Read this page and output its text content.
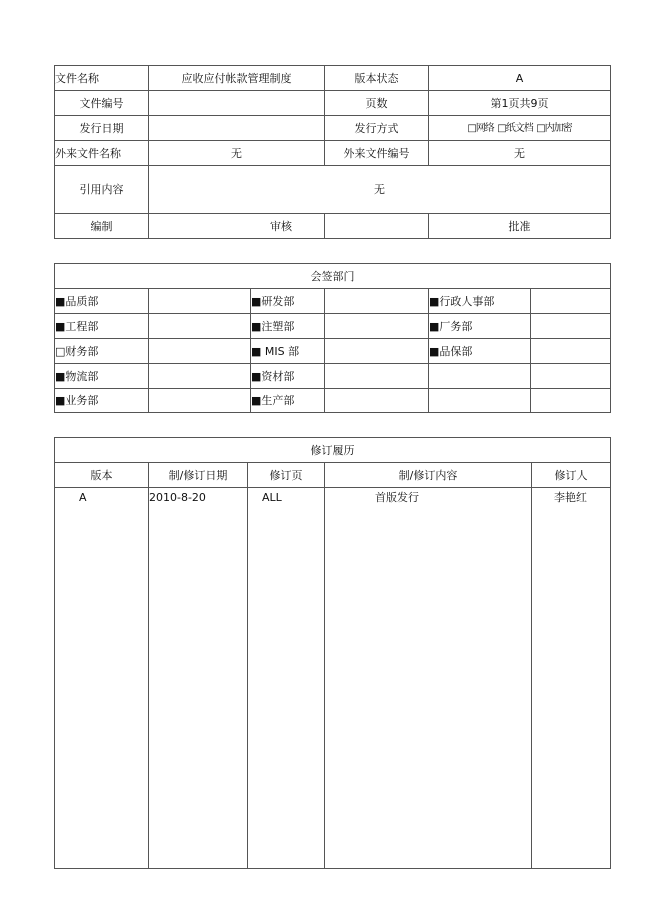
文件名称	应收应付帐款管理制度	版本状态	A
文件编号		页数	第1页共9页
发行日期		发行方式	□网络 □纸文档 □内加密
外来文件名称	无	外来文件编号	无
引用内容	无		
编制	审核		批准
会签部门					
■品质部		■研发部		■行政人事部	
■工程部		■注塑部		■厂务部	
□财务部		■ MIS 部		■品保部	
■物流部		■资材部			
■业务部		■生产部			
修订履历				
版本	制/修订日期	修订页	制/修订内容	修订人
A	2010-8-20	ALL	首版发行	李艳红
